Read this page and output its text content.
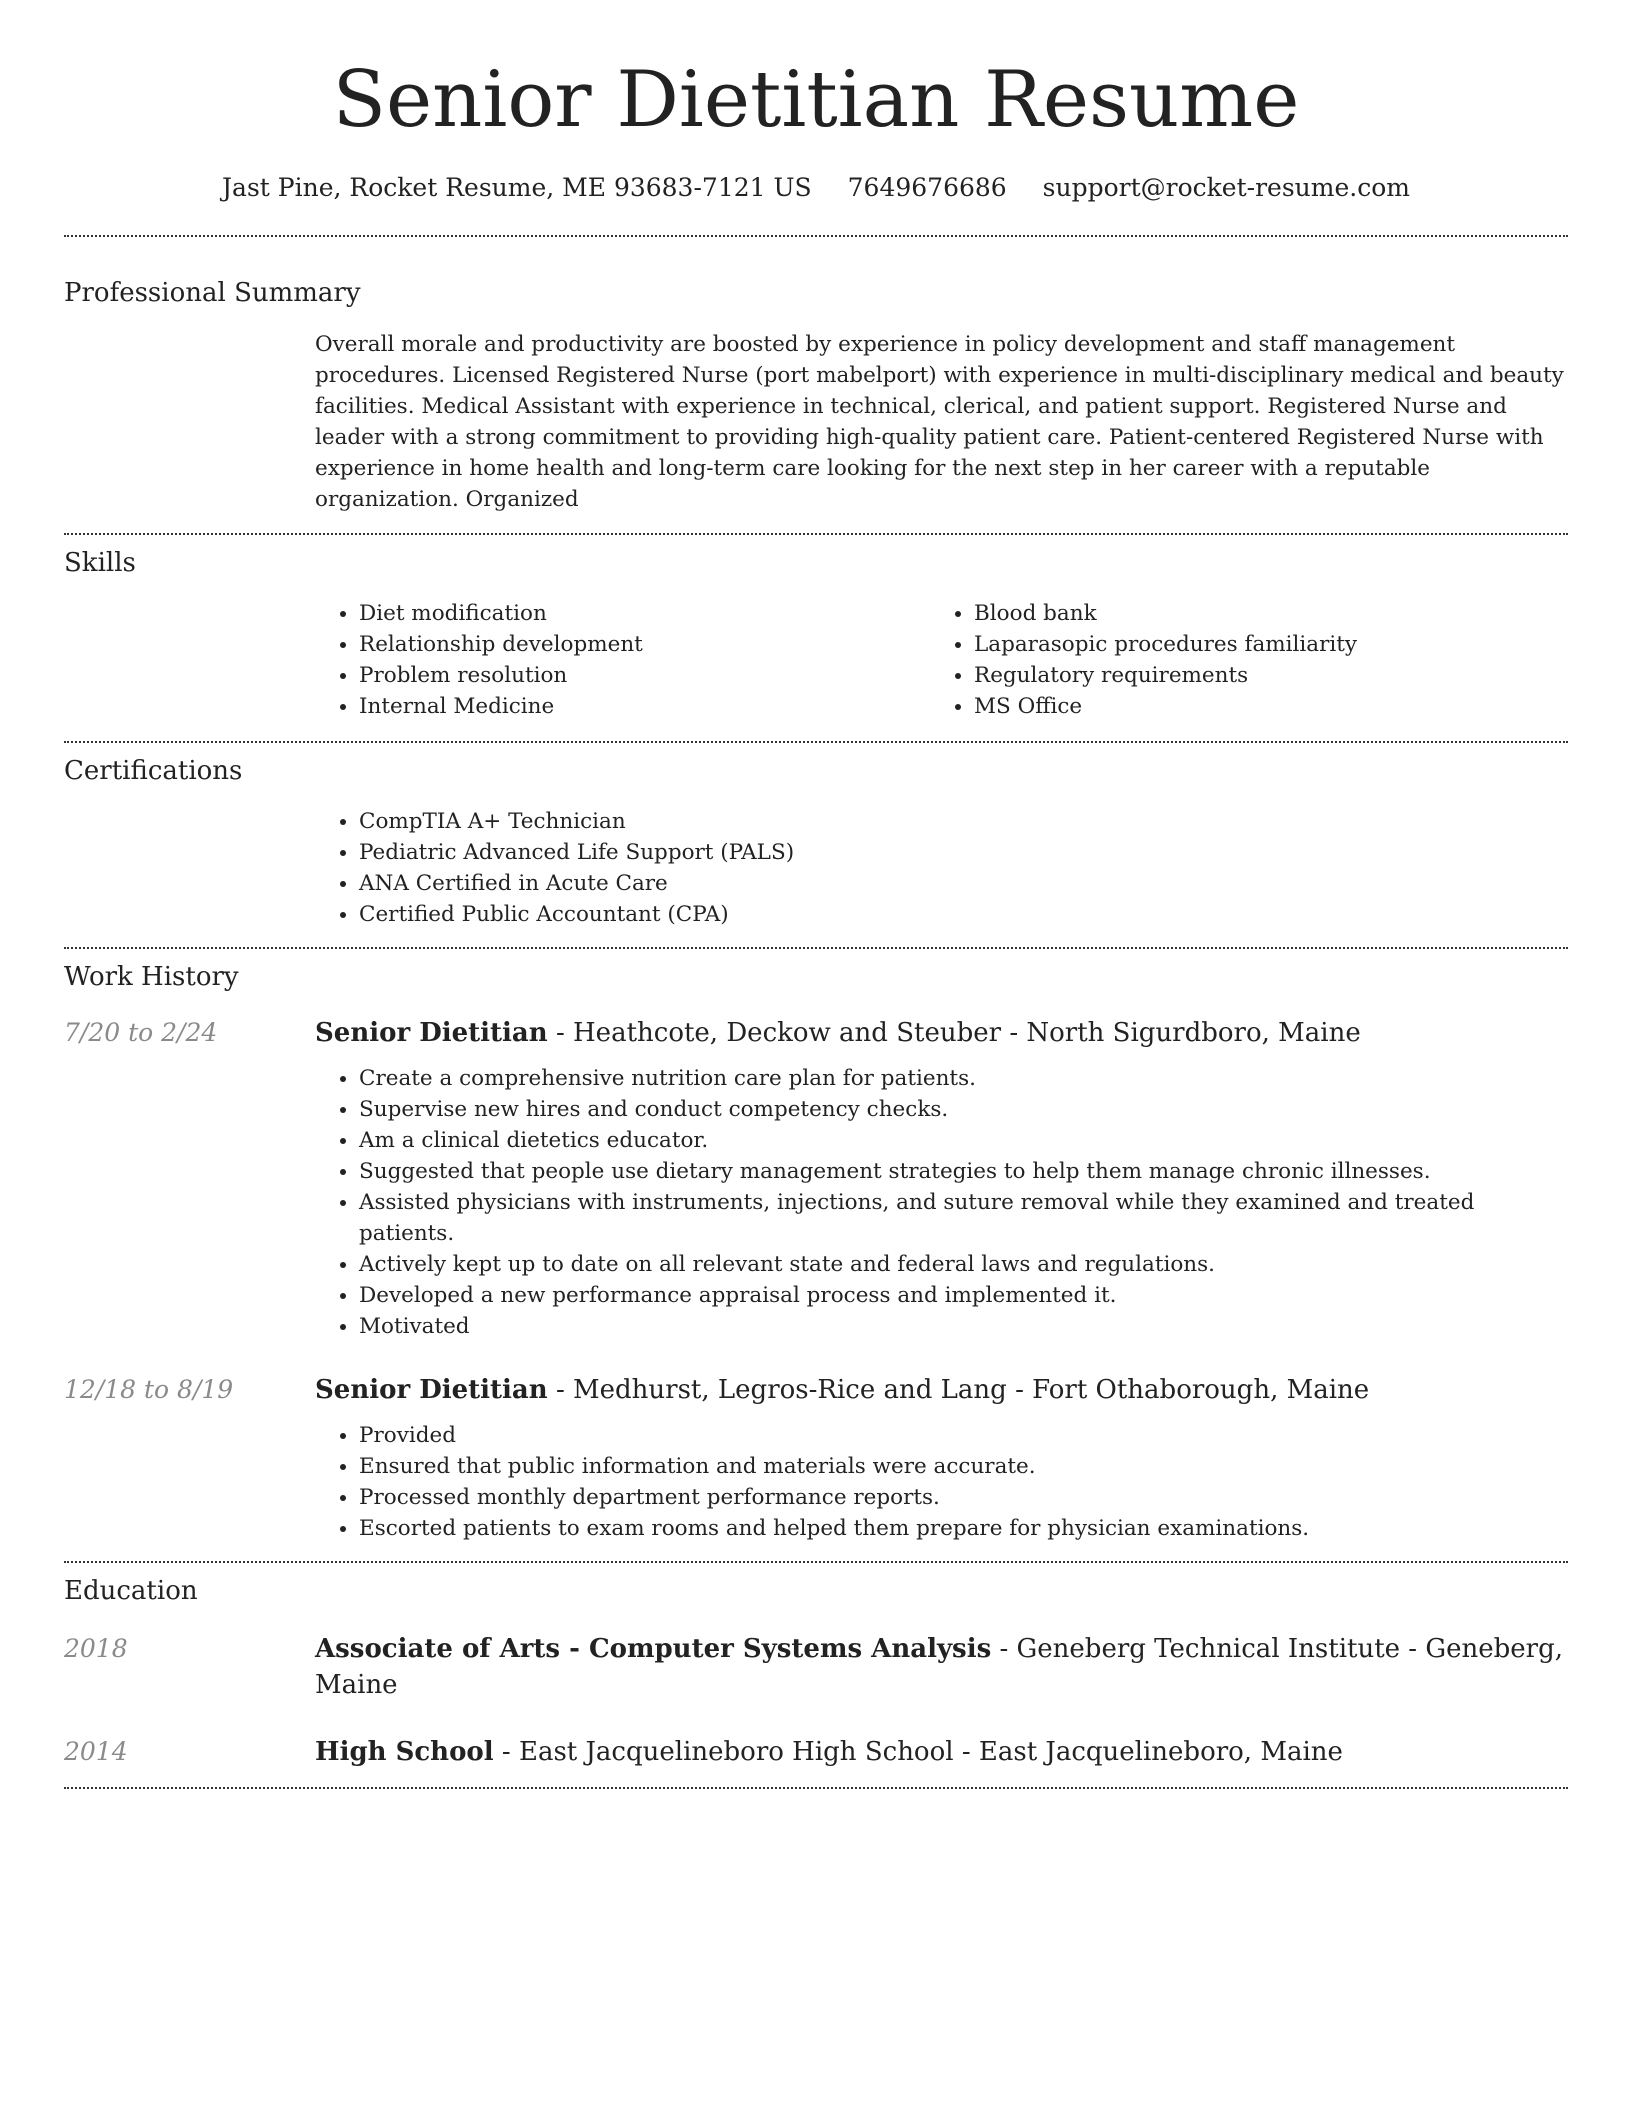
Senior Dietitian Resume
Jast Pine, Rocket Resume, ME 93683-7121 US 7649676686 support@rocket-resume.com
Professional Summary

Overall morale and productivity are boosted by experience in policy development and staff management procedures. Licensed Registered Nurse (port mabelport) with experience in multi-disciplinary medical and beauty facilities. Medical Assistant with experience in technical, clerical, and patient support. Registered Nurse and leader with a strong commitment to providing high-quality patient care. Patient-centered Registered Nurse with experience in home health and long-term care looking for the next step in her career with a reputable organization. Organized

Skills
• Diet modification
• Relationship development
• Problem resolution
• Internal Medicine
• Blood bank
• Laparasopic procedures familiarity
• Regulatory requirements
• MS Office
Certifications
• CompTIA A+ Technician
• Pediatric Advanced Life Support (PALS)
• ANA Certified in Acute Care
• Certified Public Accountant (CPA)
Work History
7/20 to 2/24	Senior Dietitian - Heathcote, Deckow and Steuber - North Sigurdboro, Maine
• Create a comprehensive nutrition care plan for patients.
• Supervise new hires and conduct competency checks.
• Am a clinical dietetics educator.
• Suggested that people use dietary management strategies to help them manage chronic illnesses.
• Assisted physicians with instruments, injections, and suture removal while they examined and treated patients.
• Actively kept up to date on all relevant state and federal laws and regulations.
• Developed a new performance appraisal process and implemented it.
• Motivated
12/18 to 8/19	Senior Dietitian - Medhurst, Legros-Rice and Lang - Fort Othaborough, Maine
• Provided
• Ensured that public information and materials were accurate.
• Processed monthly department performance reports.
• Escorted patients to exam rooms and helped them prepare for physician examinations.
Education
2018	Associate of Arts - Computer Systems Analysis - Geneberg Technical Institute - Geneberg, Maine
2014	High School - East Jacquelineboro High School - East Jacquelineboro, Maine
